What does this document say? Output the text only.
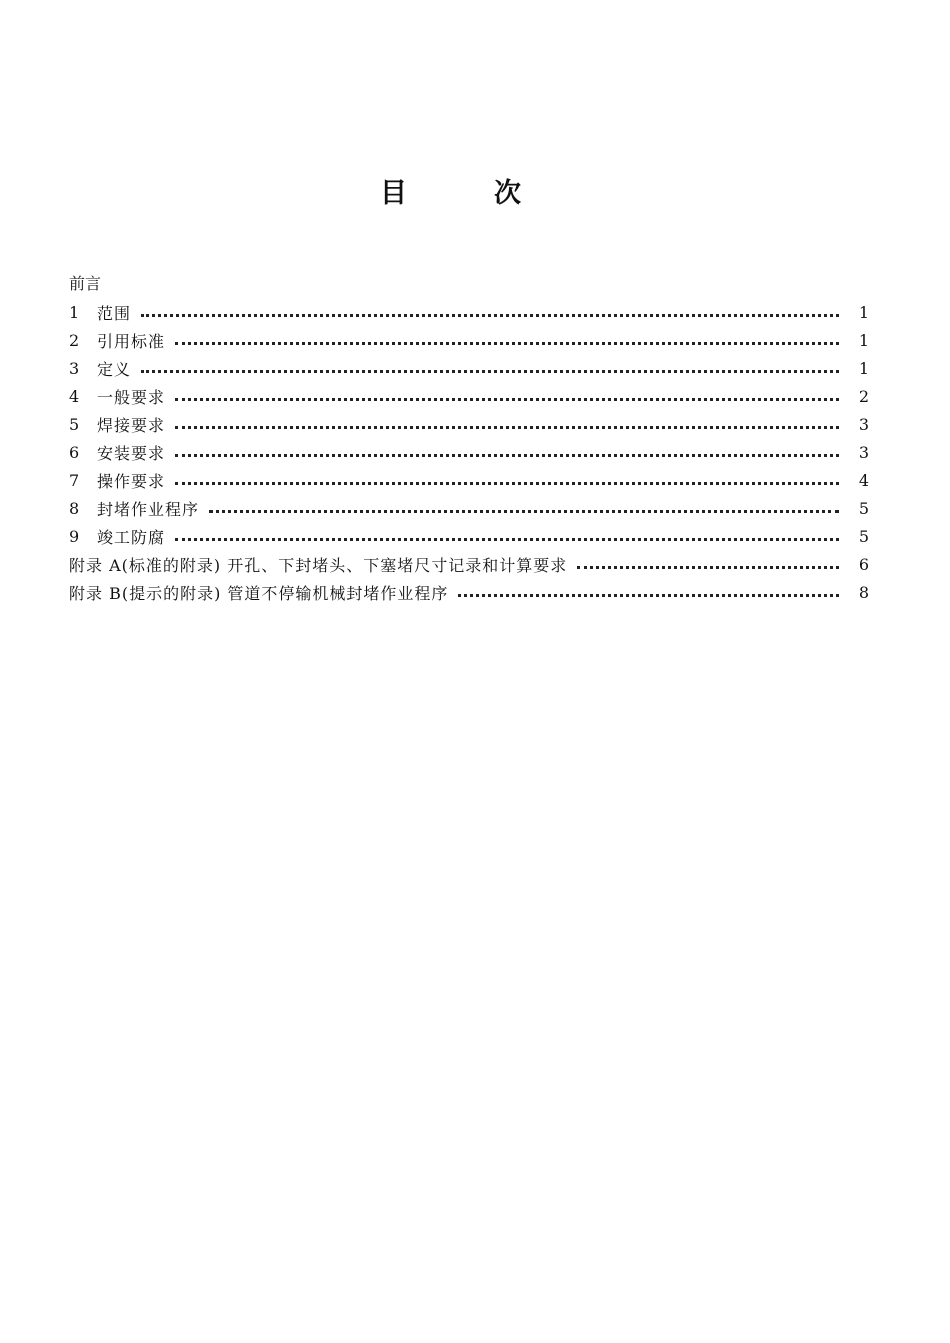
目	次
前言
1	范围	1
2	引用标准	1
3	定义	1
4	一般要求	2
5	焊接要求	3
6	安装要求	3
7	操作要求	4
8	封堵作业程序	5
9	竣工防腐	5
附录 A(标准的附录) 开孔、下封堵头、下塞堵尺寸记录和计算要求	6
附录 B(提示的附录) 管道不停输机械封堵作业程序	8
